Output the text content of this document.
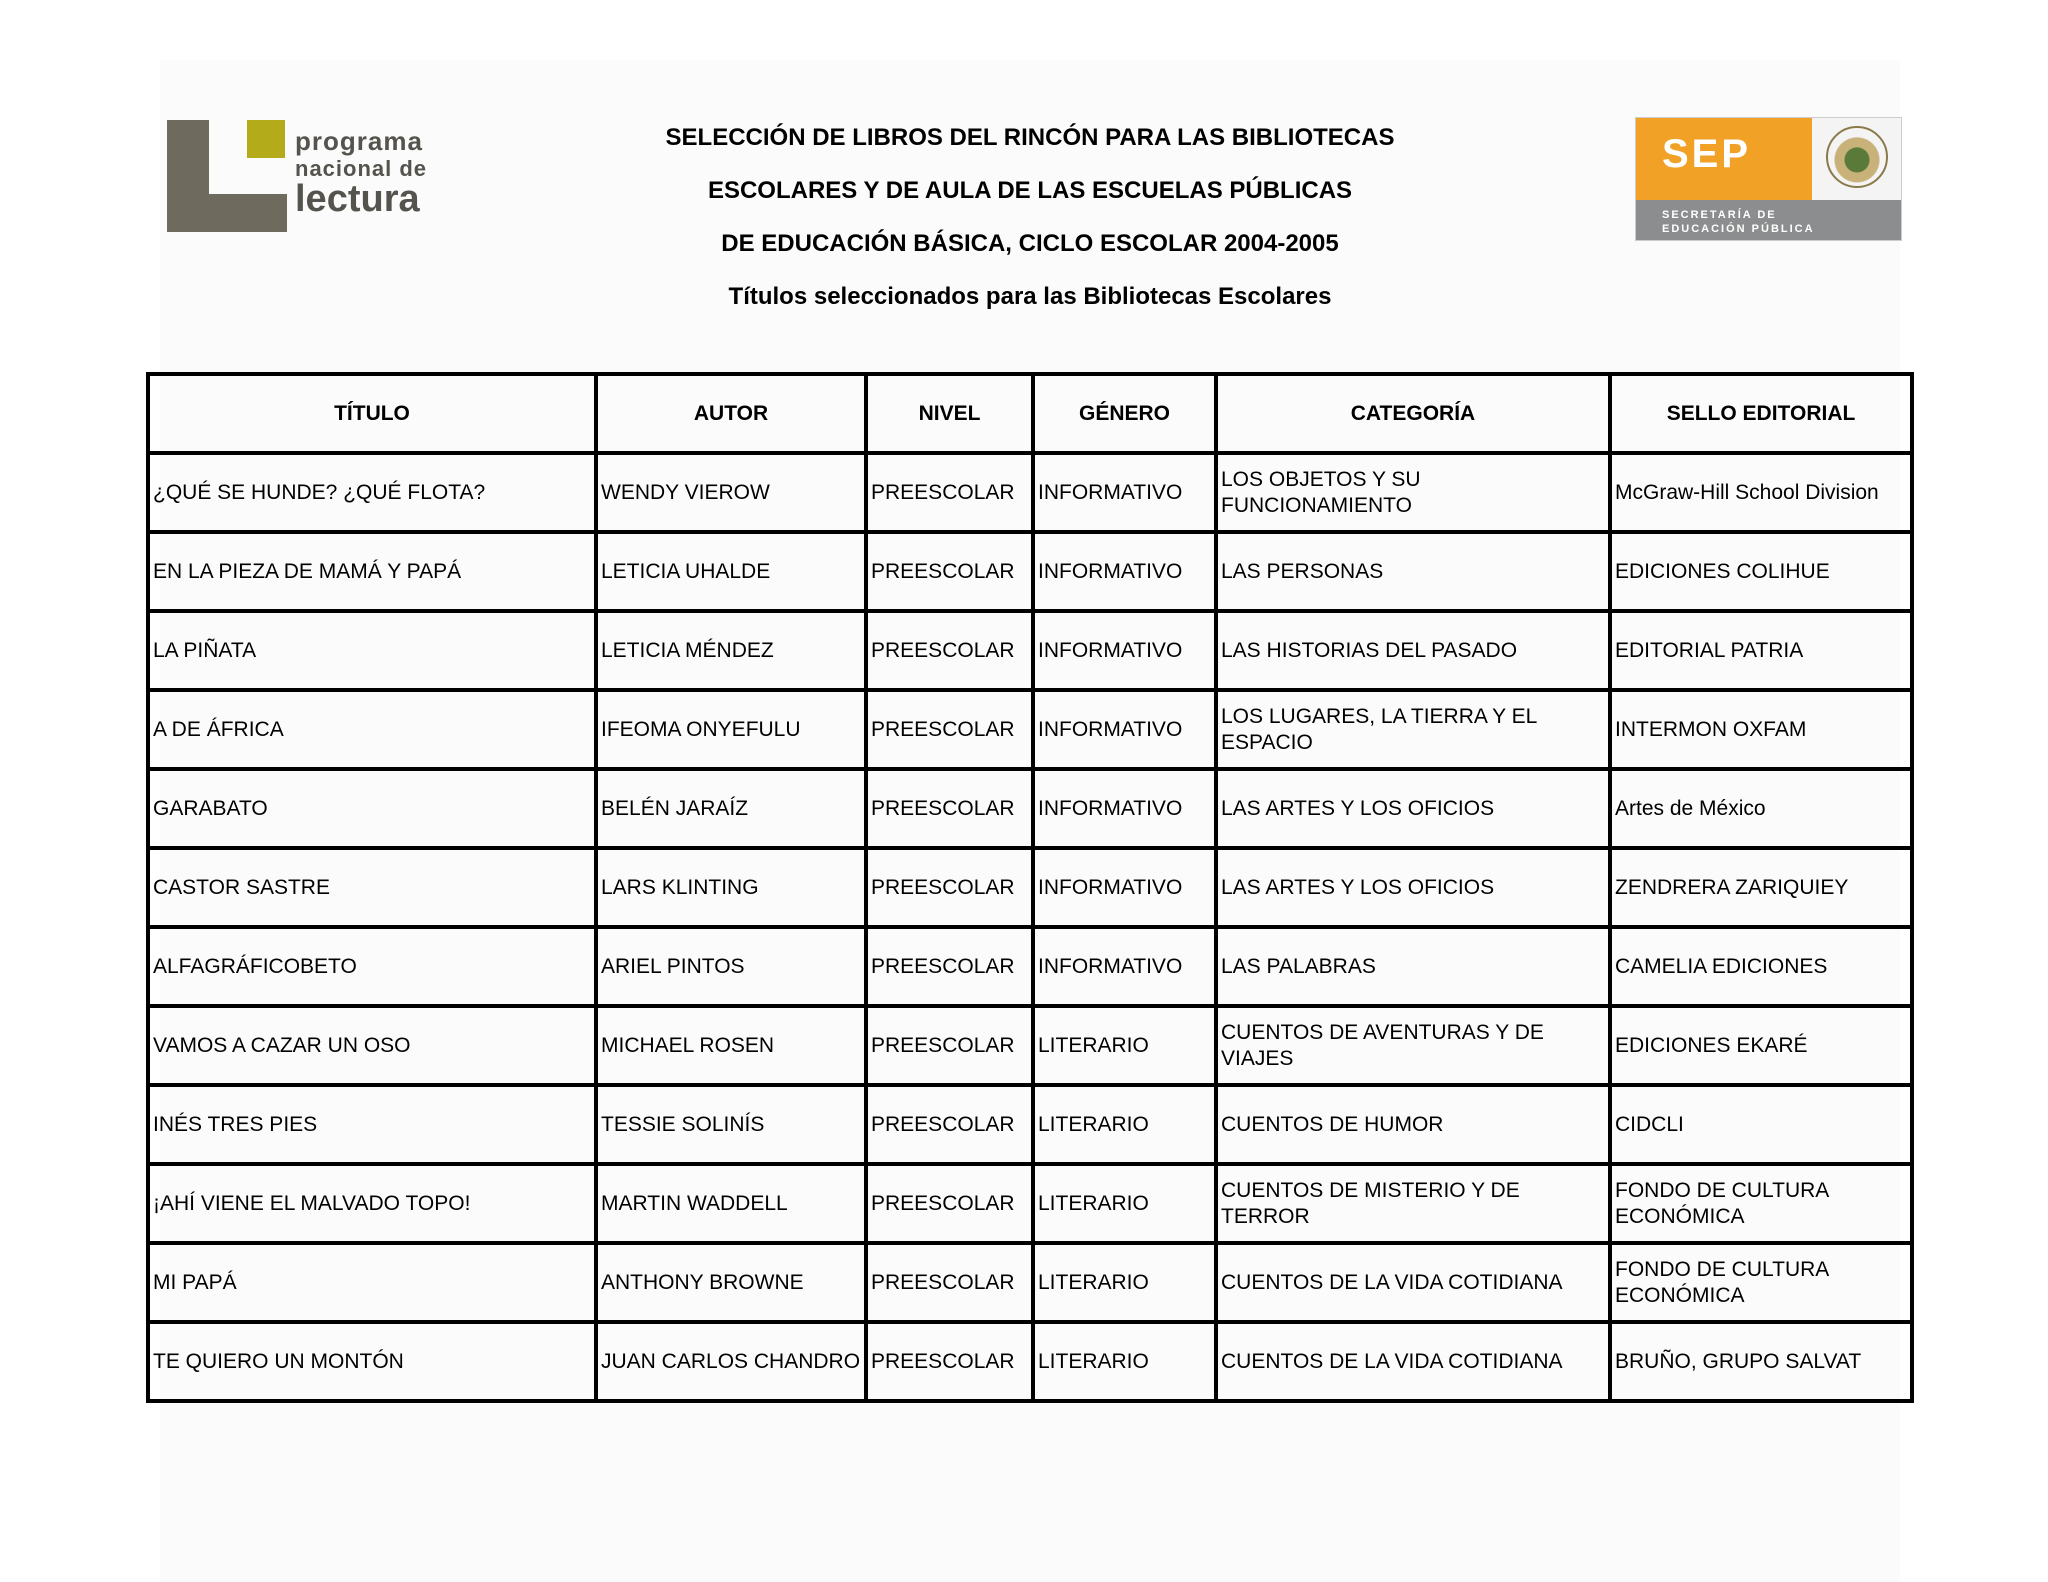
programa
nacional de
lectura
SELECCIÓN DE LIBROS DEL RINCÓN PARA LAS BIBLIOTECAS
ESCOLARES Y DE AULA DE LAS ESCUELAS PÚBLICAS
DE EDUCACIÓN BÁSICA, CICLO ESCOLAR 2004-2005
Títulos seleccionados para las Bibliotecas Escolares
SEP
SECRETARÍA DE
EDUCACIÓN PÚBLICA
TÍTULO	AUTOR	NIVEL	GÉNERO	CATEGORÍA	SELLO EDITORIAL
¿QUÉ SE HUNDE? ¿QUÉ FLOTA?	WENDY VIEROW	PREESCOLAR	INFORMATIVO	LOS OBJETOS Y SU FUNCIONAMIENTO	McGraw-Hill School Division
EN LA PIEZA DE MAMÁ Y PAPÁ	LETICIA UHALDE	PREESCOLAR	INFORMATIVO	LAS PERSONAS	EDICIONES COLIHUE
LA PIÑATA	LETICIA MÉNDEZ	PREESCOLAR	INFORMATIVO	LAS HISTORIAS DEL PASADO	EDITORIAL PATRIA
A DE ÁFRICA	IFEOMA ONYEFULU	PREESCOLAR	INFORMATIVO	LOS LUGARES, LA TIERRA Y EL ESPACIO	INTERMON OXFAM
GARABATO	BELÉN JARAÍZ	PREESCOLAR	INFORMATIVO	LAS ARTES Y LOS OFICIOS	Artes de México
CASTOR SASTRE	LARS KLINTING	PREESCOLAR	INFORMATIVO	LAS ARTES Y LOS OFICIOS	ZENDRERA ZARIQUIEY
ALFAGRÁFICOBETO	ARIEL PINTOS	PREESCOLAR	INFORMATIVO	LAS PALABRAS	CAMELIA EDICIONES
VAMOS A CAZAR UN OSO	MICHAEL ROSEN	PREESCOLAR	LITERARIO	CUENTOS DE AVENTURAS Y DE VIAJES	EDICIONES EKARÉ
INÉS TRES PIES	TESSIE SOLINÍS	PREESCOLAR	LITERARIO	CUENTOS DE HUMOR	CIDCLI
¡AHÍ VIENE EL MALVADO TOPO!	MARTIN WADDELL	PREESCOLAR	LITERARIO	CUENTOS DE MISTERIO Y DE TERROR	FONDO DE CULTURA ECONÓMICA
MI PAPÁ	ANTHONY BROWNE	PREESCOLAR	LITERARIO	CUENTOS DE LA VIDA COTIDIANA	FONDO DE CULTURA ECONÓMICA
TE QUIERO UN MONTÓN	JUAN CARLOS CHANDRO	PREESCOLAR	LITERARIO	CUENTOS DE LA VIDA COTIDIANA	BRUÑO, GRUPO SALVAT
